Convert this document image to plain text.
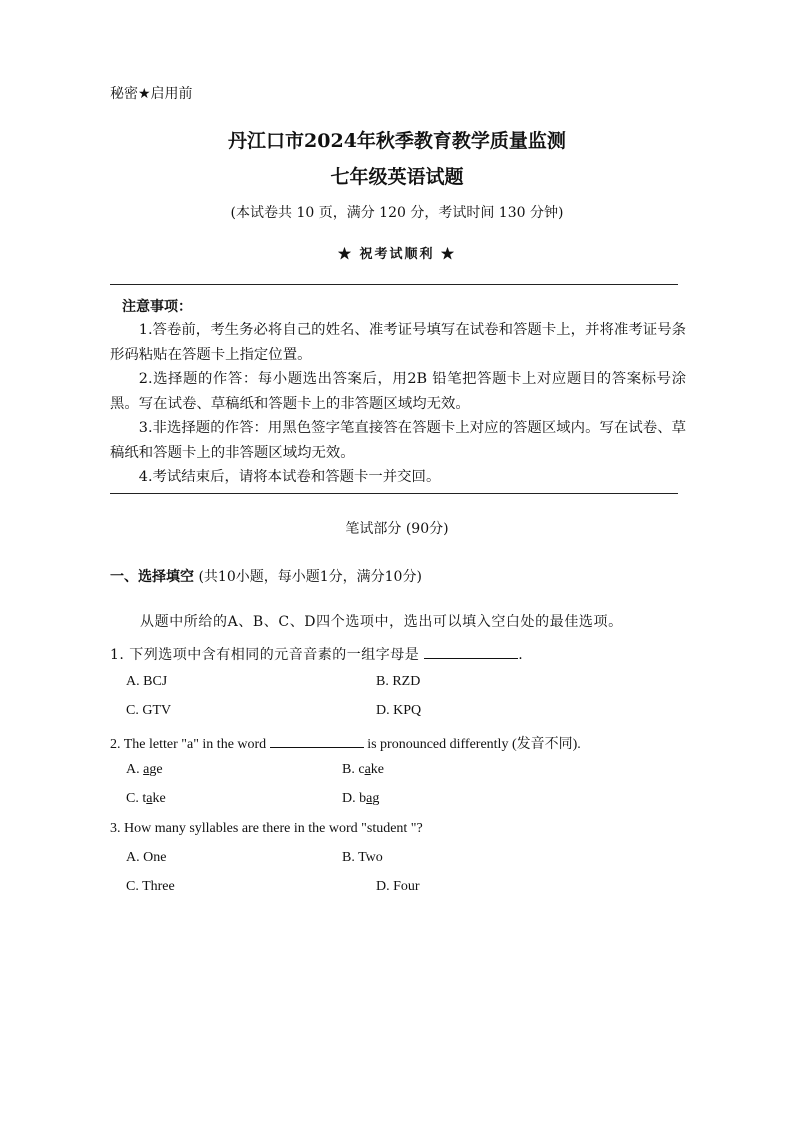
秘密★启用前
丹江口市2024年秋季教育教学质量监测
七年级英语试题
(本试卷共 10 页，满分 120 分，考试时间 130 分钟)
★ 祝考试顺利 ★
注意事项：

1.答卷前，考生务必将自己的姓名、准考证号填写在试卷和答题卡上，并将准考证号条形码粘贴在答题卡上指定位置。

2.选择题的作答：每小题选出答案后，用2B 铅笔把答题卡上对应题目的答案标号涂黑。写在试卷、草稿纸和答题卡上的非答题区域均无效。

3.非选择题的作答：用黑色签字笔直接答在答题卡上对应的答题区域内。写在试卷、草稿纸和答题卡上的非答题区域均无效。

4.考试结束后，请将本试卷和答题卡一并交回。

笔试部分 (90分)
一、选择填空 (共10小题，每小题1分，满分10分)
从题中所给的A、B、C、D四个选项中，选出可以填入空白处的最佳选项。
1. 下列选项中含有相同的元音音素的一组字母是	.
A. BCJ	B. RZD
C. GTV	D. KPQ
2. The letter "a" in the word	is pronounced differently (发音不同).
A. age	B. cake
C. take	D. bag
3. How many syllables are there in the word "student "?
A. One	B. Two
C. Three	D. Four
